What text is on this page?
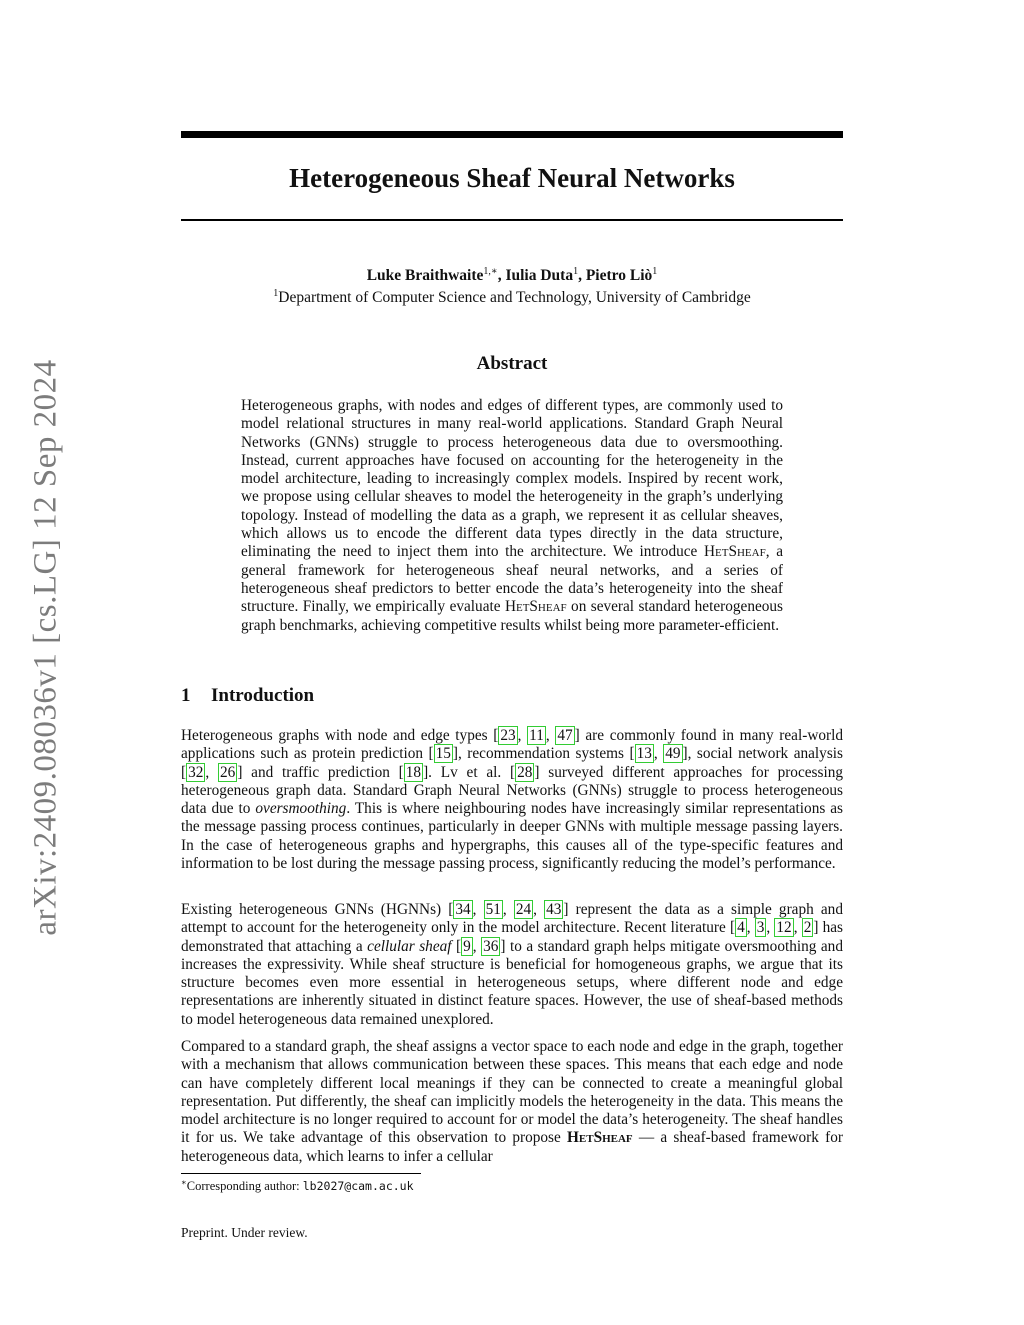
arXiv:2409.08036v1 [cs.LG] 12 Sep 2024
Heterogeneous Sheaf Neural Networks
Luke Braithwaite$^{1,∗}$, Iulia Duta$^1$, Pietro Liò$^1$
$^1$Department of Computer Science and Technology, University of Cambridge
Abstract

Heterogeneous graphs, with nodes and edges of different types, are commonly used to model relational structures in many real-world applications. Standard Graph Neural Networks (GNNs) struggle to process heterogeneous data due to oversmoothing. Instead, current approaches have focused on accounting for the heterogeneity in the model architecture, leading to increasingly complex models. Inspired by recent work, we propose using cellular sheaves to model the heterogeneity in the graph’s underlying topology. Instead of modelling the data as a graph, we represent it as cellular sheaves, which allows us to encode the different data types directly in the data structure, eliminating the need to inject them into the architecture. We introduce HetSheaf, a general framework for heterogeneous sheaf neural networks, and a series of heterogeneous sheaf predictors to better encode the data’s heterogeneity into the sheaf structure. Finally, we empirically evaluate HetSheaf on several standard heterogeneous graph benchmarks, achieving competitive results whilst being more parameter-efficient.

1 Introduction

Heterogeneous graphs with node and edge types [ 23 , 11 , 47 ] are commonly found in many real-world applications such as protein prediction [ 15 ], recommendation systems [ 13 , 49 ], social network analysis [ 32 , 26 ] and traffic prediction [ 18 ]. Lv et al. [ 28 ] surveyed different approaches for processing heterogeneous graph data. Standard Graph Neural Networks (GNNs) struggle to process heterogeneous data due to oversmoothing. This is where neighbouring nodes have increasingly similar representations as the message passing process continues, particularly in deeper GNNs with multiple message passing layers. In the case of heterogeneous graphs and hypergraphs, this causes all of the type-specific features and information to be lost during the message passing process, significantly reducing the model’s performance.

Existing heterogeneous GNNs (HGNNs) [ 34 , 51 , 24 , 43 ] represent the data as a simple graph and attempt to account for the heterogeneity only in the model architecture. Recent literature [ 4 , 3 , 12 , 2 ] has demonstrated that attaching a cellular sheaf [ 9 , 36 ] to a standard graph helps mitigate oversmoothing and increases the expressivity. While sheaf structure is beneficial for homogeneous graphs, we argue that its structure becomes even more essential in heterogeneous setups, where different node and edge representations are inherently situated in distinct feature spaces. However, the use of sheaf-based methods to model heterogeneous data remained unexplored.

Compared to a standard graph, the sheaf assigns a vector space to each node and edge in the graph, together with a mechanism that allows communication between these spaces. This means that each edge and node can have completely different local meanings if they can be connected to create a meaningful global representation. Put differently, the sheaf can implicitly models the heterogeneity in the data. This means the model architecture is no longer required to account for or model the data’s heterogeneity. The sheaf handles it for us. We take advantage of this observation to propose HetSheaf — a sheaf-based framework for heterogeneous data, which learns to infer a cellular

∗Corresponding author: lb2027@cam.ac.uk
Preprint. Under review.
